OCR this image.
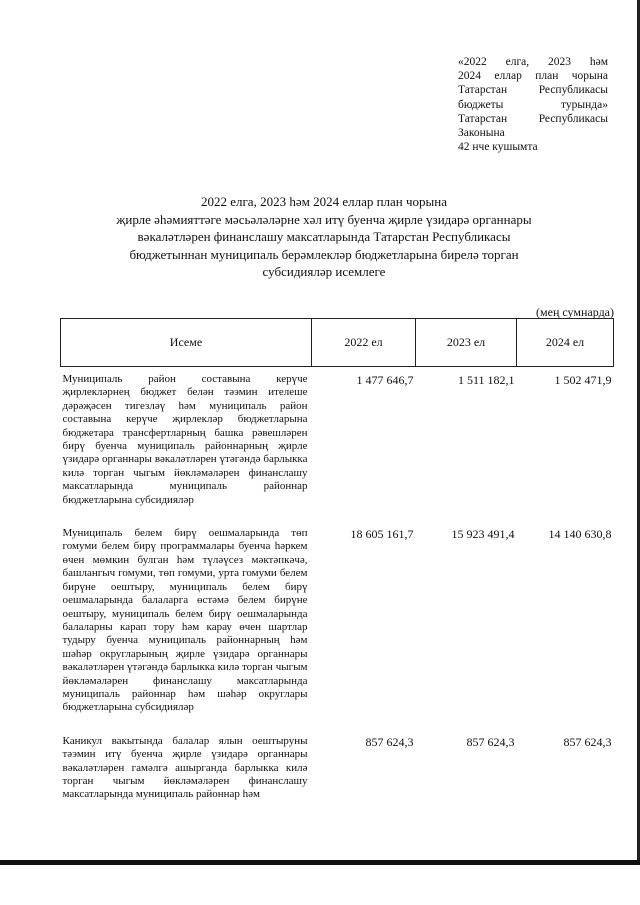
«2022 елга, 2023 һәм
2024 еллар план чорына
Татарстан Республикасы
бюджеты турында»
Татарстан Республикасы
Законына
42 нче кушымта
2022 елга, 2023 һәм 2024 еллар план чорына
җирле әһәмияттәге мәсьәләләрне хәл итү буенча җирле үзидарә органнары
вәкаләтләрен финанслашу максатларында Татарстан Республикасы
бюджетыннан муниципаль берәмлекләр бюджетларына бирелә торган
субсидияләр исемлеге
(мең сумнарда)
Исеме	2022 ел	2023 ел	2024 ел
Муниципаль район составына керүче җирлекләрнең бюджет белән тәэмин ителеше дәрәҗәсен тигезләү һәм муниципаль район составына керүче җирлекләр бюджетларына бюджетара трансфертларның башка рәвешләрен бирү буенча муниципаль районнарның җирле үзидарә органнары вәкаләтләрен үтәгәндә барлыкка килә торган чыгым йөкләмәләрен финанслашу максатларында муниципаль районнар бюджетларына субсидияләр	1 477 646,7	1 511 182,1	1 502 471,9
Муниципаль белем бирү оешмаларында төп гомуми белем бирү программалары буенча һәркем өчен мөмкин булган һәм түләүсез мәктәпкәчә, башлангыч гомуми, төп гомуми, урта гомуми белем бирүне оештыру, муниципаль белем бирү оешмаларында балаларга өстәмә белем бирүне оештыру, муниципаль белем бирү оешмаларында балаларны карап тору һәм карау өчен шартлар тудыру буенча муниципаль районнарның һәм шәһәр округларының җирле үзидарә органнары вәкаләтләрен үтәгәндә барлыкка килә торган чыгым йөкләмәләрен финанслашу максатларында муниципаль районнар һәм шәһәр округлары бюджетларына субсидияләр	18 605 161,7	15 923 491,4	14 140 630,8
Каникул вакытында балалар ялын оештыруны тәэмин итү буенча җирле үзидарә органнары вәкаләтләрен гамәлгә ашырганда барлыкка килә торган чыгым йөкләмәләрен финанслашу максатларында муниципаль районнар һәм	857 624,3	857 624,3	857 624,3
